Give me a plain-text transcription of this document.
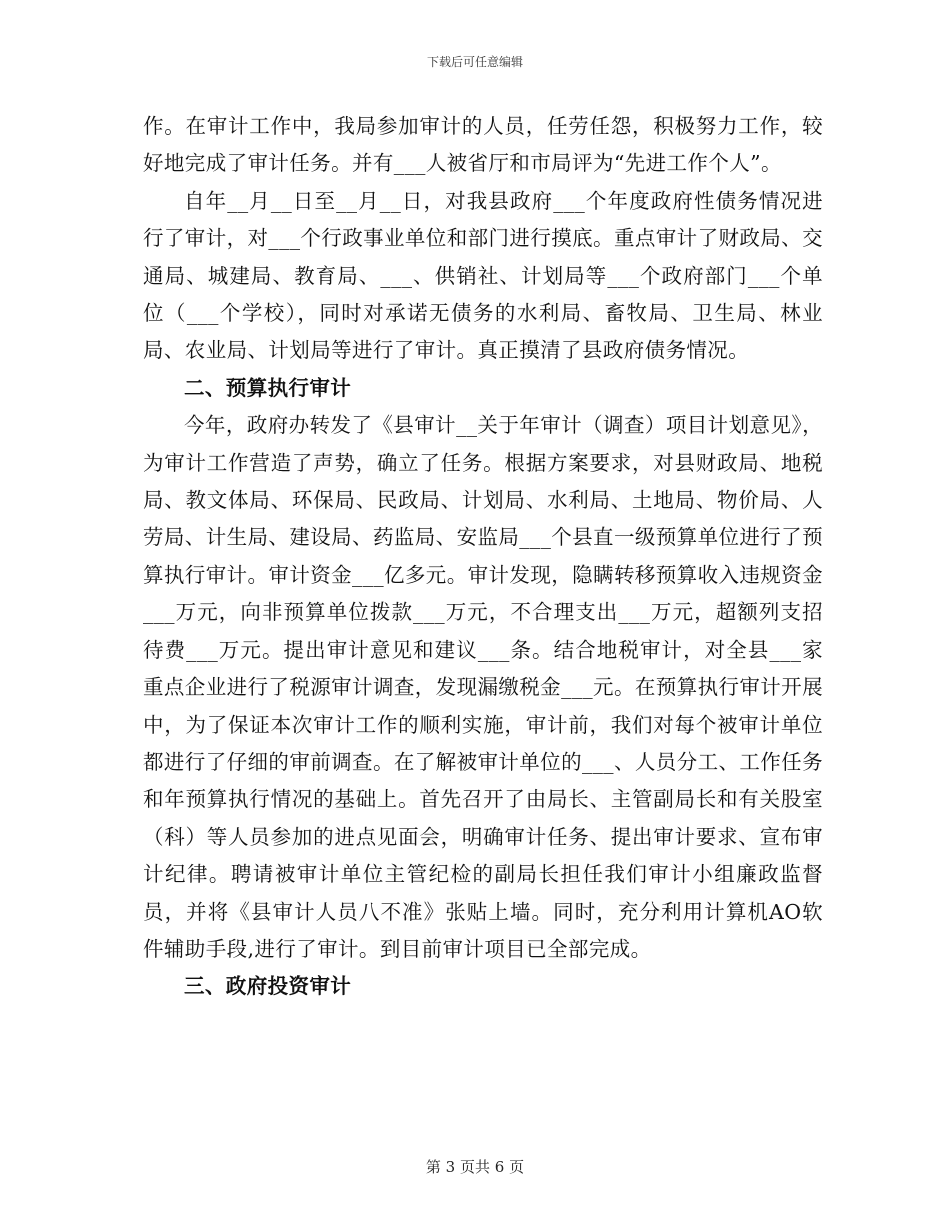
下载后可任意编辑

作。在审计工作中，我局参加审计的人员，任劳任怨，积极努力工作，较好地完成了审计任务。并有___人被省厅和市局评为“先进工作个人”。

自年__月__日至__月__日，对我县政府___个年度政府性债务情况进行了审计，对___个行政事业单位和部门进行摸底。重点审计了财政局、交通局、城建局、教育局、___、供销社、计划局等___个政府部门___个单位（___个学校），同时对承诺无债务的水利局、畜牧局、卫生局、林业局、农业局、计划局等进行了审计。真正摸清了县政府债务情况。

二、预算执行审计

今年，政府办转发了《县审计__关于年审计（调查）项目计划意见》，为审计工作营造了声势，确立了任务。根据方案要求，对县财政局、地税局、教文体局、环保局、民政局、计划局、水利局、土地局、物价局、人劳局、计生局、建设局、药监局、安监局___个县直一级预算单位进行了预算执行审计。审计资金___亿多元。审计发现，隐瞒转移预算收入违规资金___万元，向非预算单位拨款___万元，不合理支出___万元，超额列支招待费___万元。提出审计意见和建议___条。结合地税审计，对全县___家重点企业进行了税源审计调查，发现漏缴税金___元。在预算执行审计开展中，为了保证本次审计工作的顺利实施，审计前，我们对每个被审计单位都进行了仔细的审前调查。在了解被审计单位的___、人员分工、工作任务和年预算执行情况的基础上。首先召开了由局长、主管副局长和有关股室（科）等人员参加的进点见面会，明确审计任务、提出审计要求、宣布审计纪律。聘请被审计单位主管纪检的副局长担任我们审计小组廉政监督员，并将《县审计人员八不准》张贴上墙。同时，充分利用计算机AO软件辅助手段,进行了审计。到目前审计项目已全部完成。

三、政府投资审计

第 3 页共 6 页
